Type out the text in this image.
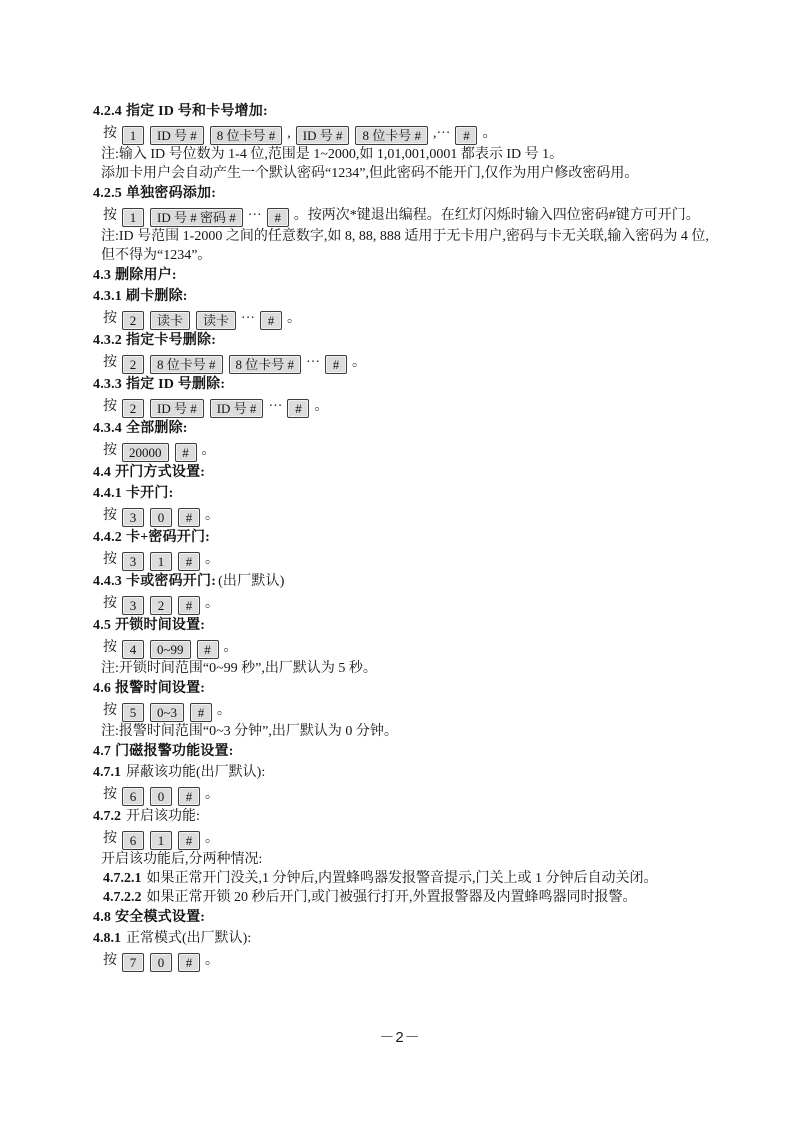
4.2.4 指定 ID 号和卡号增加:
按 1 ID 号 # 8 位卡号 # , ID 号 # 8 位卡号 # ,··· # 。
注:输入 ID 号位数为 1-4 位,范围是 1~2000,如 1,01,001,0001 都表示 ID 号 1。
添加卡用户会自动产生一个默认密码“1234”,但此密码不能开门,仅作为用户修改密码用。
4.2.5 单独密码添加:
按 1 ID 号 # 密码 # ··· # 。按两次*键退出编程。在红灯闪烁时输入四位密码#键方可开门。
注:ID 号范围 1-2000 之间的任意数字,如 8, 88, 888 适用于无卡用户,密码与卡无关联,输入密码为 4 位,但不得为“1234”。
4.3 删除用户:
4.3.1 刷卡删除:
按 2 读卡 读卡 ··· # 。
4.3.2 指定卡号删除:
按 2 8 位卡号 # 8 位卡号 # ··· # 。
4.3.3 指定 ID 号删除:
按 2 ID 号 # ID 号 # ··· # 。
4.3.4 全部删除:
按 20000 # 。
4.4 开门方式设置:
4.4.1 卡开门:
按 3 0 # 。
4.4.2 卡+密码开门:
按 3 1 # 。
4.4.3 卡或密码开门: (出厂默认)
按 3 2 # 。
4.5 开锁时间设置:
按 4 0~99 # 。
注:开锁时间范围“0~99 秒”,出厂默认为 5 秒。
4.6 报警时间设置:
按 5 0~3 # 。
注:报警时间范围“0~3 分钟”,出厂默认为 0 分钟。
4.7 门磁报警功能设置:
4.7.1 屏蔽该功能(出厂默认):
按 6 0 # 。
4.7.2 开启该功能:
按 6 1 # 。
开启该功能后,分两种情况:
4.7.2.1 如果正常开门没关,1 分钟后,内置蜂鸣器发报警音提示,门关上或 1 分钟后自动关闭。
4.7.2.2 如果正常开锁 20 秒后开门,或门被强行打开,外置报警器及内置蜂鸣器同时报警。
4.8 安全模式设置:
4.8.1 正常模式(出厂默认):
按 7 0 # 。
－2－
